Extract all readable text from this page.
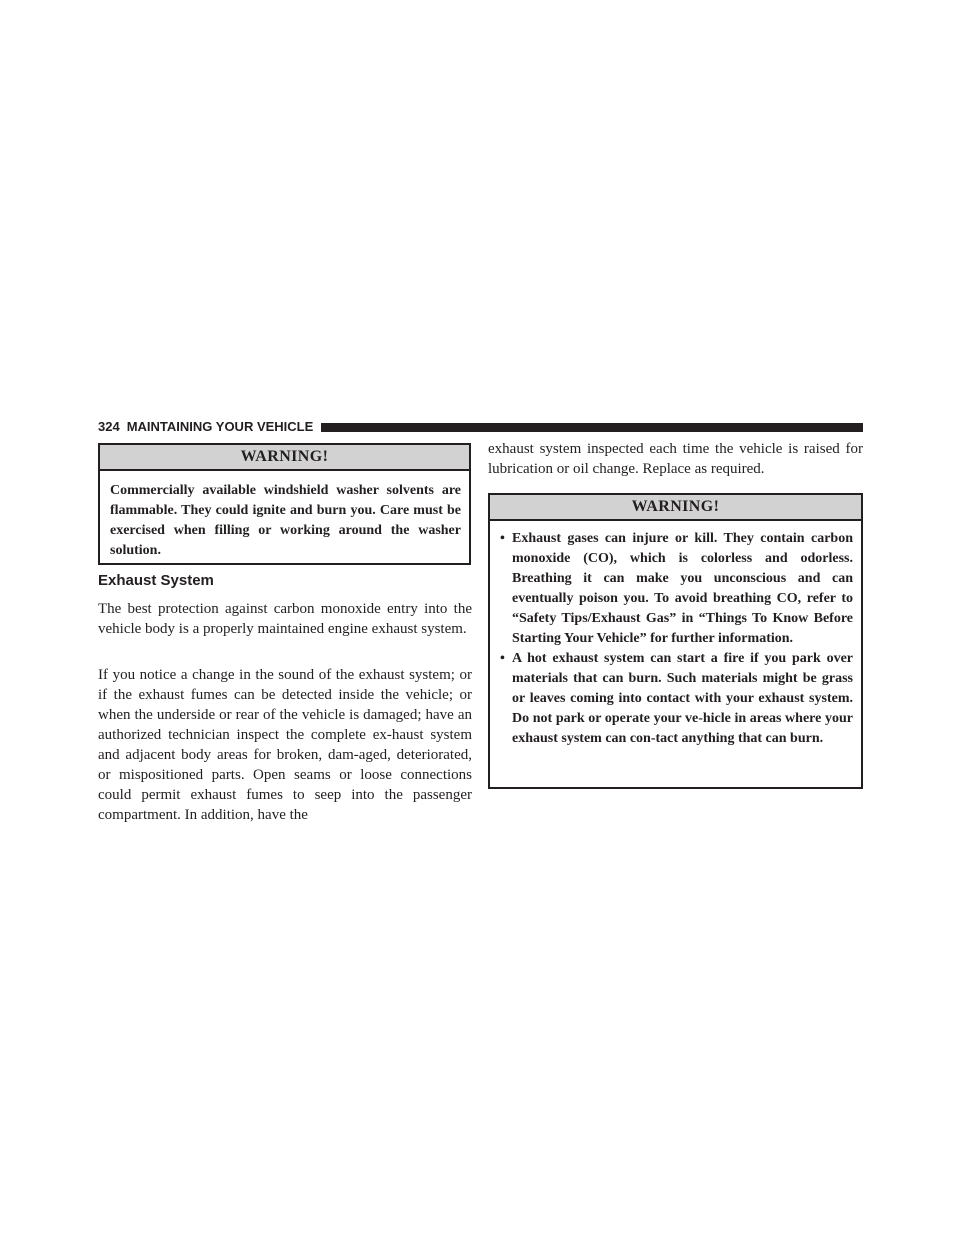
324 MAINTAINING YOUR VEHICLE
WARNING!

Commercially available windshield washer solvents are flammable. They could ignite and burn you. Care must be exercised when filling or working around the washer solution.

Exhaust System

The best protection against carbon monoxide entry into the vehicle body is a properly maintained engine exhaust system.

If you notice a change in the sound of the exhaust system; or if the exhaust fumes can be detected inside the vehicle; or when the underside or rear of the vehicle is damaged; have an authorized technician inspect the complete ex-haust system and adjacent body areas for broken, dam-aged, deteriorated, or mispositioned parts. Open seams or loose connections could permit exhaust fumes to seep into the passenger compartment. In addition, have the

exhaust system inspected each time the vehicle is raised for lubrication or oil change. Replace as required.

WARNING!
• Exhaust gases can injure or kill. They contain carbon monoxide (CO), which is colorless and odorless. Breathing it can make you unconscious and can eventually poison you. To avoid breathing CO, refer to “Safety Tips/Exhaust Gas” in “Things To Know Before Starting Your Vehicle” for further information.
• A hot exhaust system can start a fire if you park over materials that can burn. Such materials might be grass or leaves coming into contact with your exhaust system. Do not park or operate your ve-hicle in areas where your exhaust system can con-tact anything that can burn.
